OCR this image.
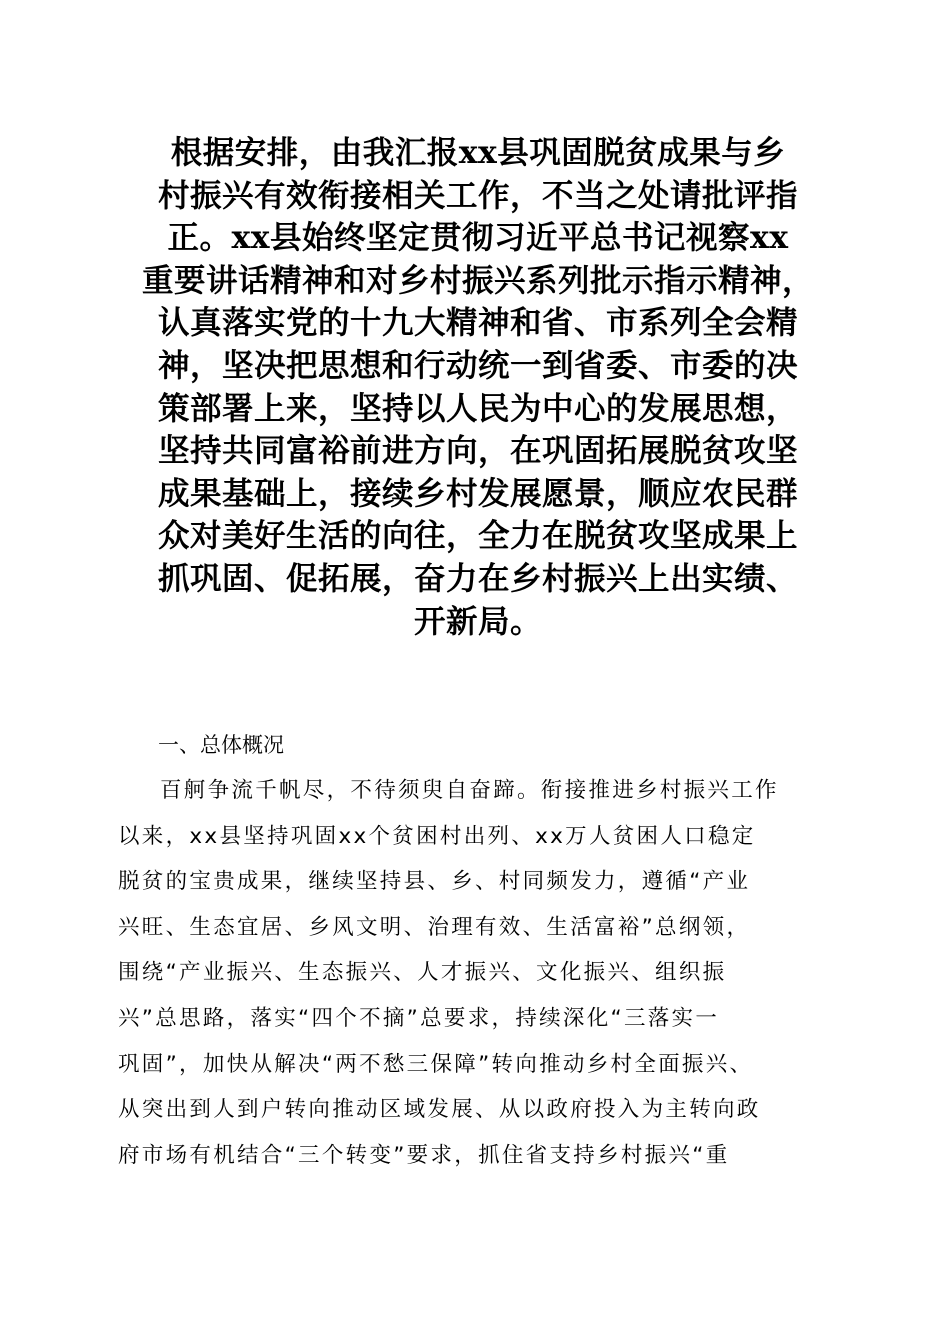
根据安排，由我汇报xx县巩固脱贫成果与乡
村振兴有效衔接相关工作，不当之处请批评指
正。xx县始终坚定贯彻习近平总书记视察xx
重要讲话精神和对乡村振兴系列批示指示精神，
认真落实党的十九大精神和省、市系列全会精
神，坚决把思想和行动统一到省委、市委的决
策部署上来，坚持以人民为中心的发展思想，
坚持共同富裕前进方向，在巩固拓展脱贫攻坚
成果基础上，接续乡村发展愿景，顺应农民群
众对美好生活的向往，全力在脱贫攻坚成果上
抓巩固、促拓展，奋力在乡村振兴上出实绩、
开新局。
一、总体概况
百舸争流千帆尽，不待须臾自奋蹄。衔接推进乡村振兴工作
以来，xx县坚持巩固xx个贫困村出列、xx万人贫困人口稳定
脱贫的宝贵成果，继续坚持县、乡、村同频发力，遵循“产业
兴旺、生态宜居、乡风文明、治理有效、生活富裕”总纲领，
围绕“产业振兴、生态振兴、人才振兴、文化振兴、组织振
兴”总思路，落实“四个不摘”总要求，持续深化“三落实一
巩固”，加快从解决“两不愁三保障”转向推动乡村全面振兴、
从突出到人到户转向推动区域发展、从以政府投入为主转向政
府市场有机结合“三个转变”要求，抓住省支持乡村振兴“重
